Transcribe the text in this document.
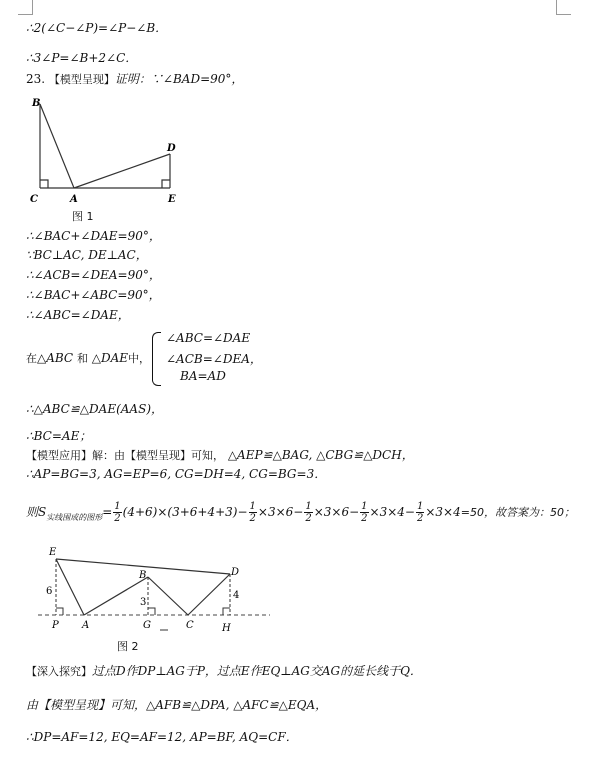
∴2(∠C−∠P)=∠P−∠B．
∴3∠P=∠B+2∠C．
23. 【模型呈现】证明：∵∠BAD=90°，
B
D
C	A	E
图 1
∴∠BAC+∠DAE=90°，
∵BC⊥AC, DE⊥AC，
∴∠ACB=∠DEA=90°，
∴∠BAC+∠ABC=90°，
∴∠ABC=∠DAE，
在△ABC 和 △DAE中，
∠ABC=∠DAE
∠ACB=∠DEA，
BA=AD
∴△ABC≌△DAE(AAS)，
∴BC=AE；
【模型应用】解：由【模型呈现】可知， △AEP≌△BAG, △CBG≌△DCH，
∴AP=BG=3, AG=EP=6, CG=DH=4, CG=BG=3．
则$S_{实线围成的图形}= \frac{1}{2} (4+6)\times(3+6+4+3)- \frac{1}{2} \times 3\times 6- \frac{1}{2} \times 3\times 6- \frac{1}{2} \times 3\times 4- \frac{1}{2} \times 3\times 4=50$，故答案为：50；
E
B	D
P A	G	C	H
6
3
4
图 2
【深入探究】过点D作DP⊥AG于P，过点E作EQ⊥AG交AG的延长线于Q．
由【模型呈现】可知，△AFB≌△DPA, △AFC≌△EQA，
∴DP=AF=12, EQ=AF=12, AP=BF, AQ=CF．
